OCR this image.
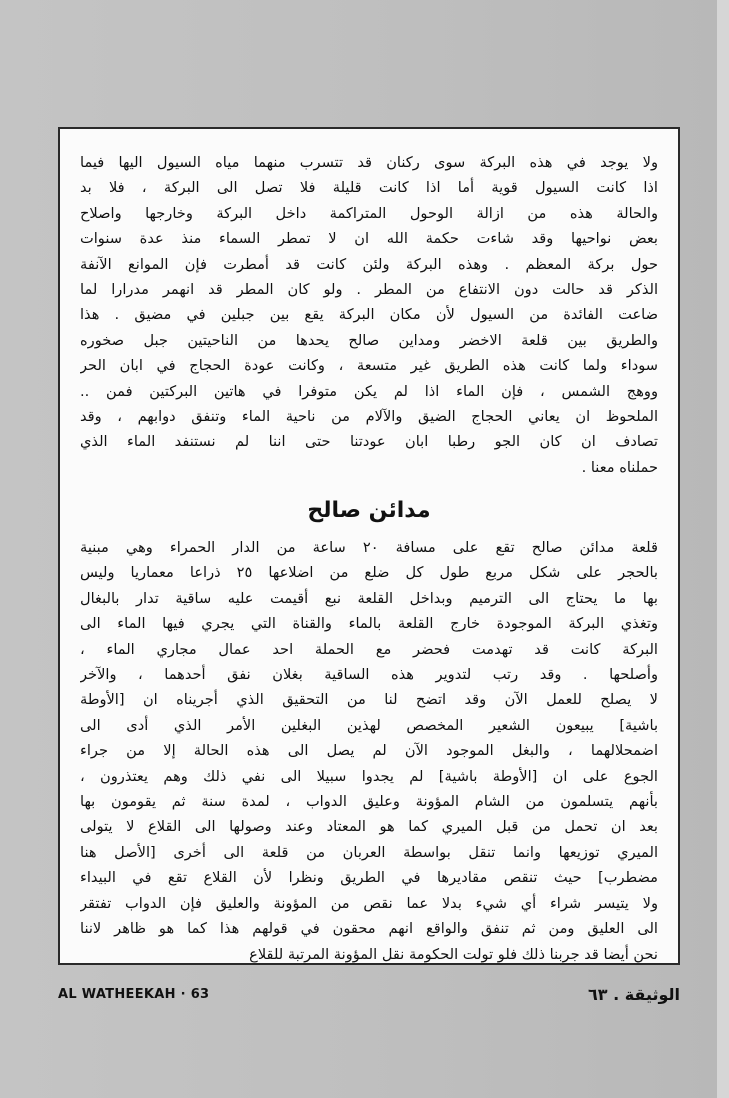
ولا يوجد في هذه البركة سوى ركنان قد تتسرب منهما مياه السيول اليها فيما
اذا كانت السيول قوية أما اذا كانت قليلة فلا تصل الى البركة ، فلا بد
والحالة هذه من ازالة الوحول المتراكمة داخل البركة وخارجها واصلاح
بعض نواحيها وقد شاءت حكمة الله ان لا تمطر السماء منذ عدة سنوات
حول بركة المعظم . وهذه البركة ولئن كانت قد أمطرت فإن الموانع الآنفة
الذكر قد حالت دون الانتفاع من المطر . ولو كان المطر قد انهمر مدرارا لما
ضاعت الفائدة من السيول لأن مكان البركة يقع بين جبلين في مضيق . هذا
والطريق بين قلعة الاخضر ومداين صالح يحدها من الناحيتين جبل صخوره
سوداء ولما كانت هذه الطريق غير متسعة ، وكانت عودة الحجاج في ابان الحر
ووهج الشمس ، فإن الماء اذا لم يكن متوفرا في هاتين البركتين فمن ..
الملحوظ ان يعاني الحجاج الضيق والآلام من ناحية الماء وتنفق دوابهم ، وقد
تصادف ان كان الجو رطبا ابان عودتنا حتى اننا لم نستنفد الماء الذي
حملناه معنا .
مدائن صالح
قلعة مدائن صالح تقع على مسافة ٢٠ ساعة من الدار الحمراء وهي مبنية
بالحجر على شكل مربع طول كل ضلع من اضلاعها ٢٥ ذراعا معماريا وليس
بها ما يحتاج الى الترميم وبداخل القلعة نبع أقيمت عليه ساقية تدار بالبغال
وتغذي البركة الموجودة خارج القلعة بالماء والقناة التي يجري فيها الماء الى
البركة كانت قد تهدمت فحضر مع الحملة احد عمال مجاري الماء ،
وأصلحها . وقد رتب لتدوير هذه الساقية بغلان نفق أحدهما ، والآخر
لا يصلح للعمل الآن وقد اتضح لنا من التحقيق الذي أجريناه ان [الأوطة
باشية] يبيعون الشعير المخصص لهذين البغلين الأمر الذي أدى الى
اضمحلالهما ، والبغل الموجود الآن لم يصل الى هذه الحالة إلا من جراء
الجوع على ان [الأوطة باشية] لم يجدوا سبيلا الى نفي ذلك وهم يعتذرون ،
بأنهم يتسلمون من الشام المؤونة وعليق الدواب ، لمدة سنة ثم يقومون بها
بعد ان تحمل من قبل الميري كما هو المعتاد وعند وصولها الى القلاع لا يتولى
الميري توزيعها وانما تنقل بواسطة العربان من قلعة الى أخرى [الأصل هنا
مضطرب] حيث تنقص مقاديرها في الطريق ونظرا لأن القلاع تقع في البيداء
ولا يتيسر شراء أي شيء بدلا عما نقص من المؤونة والعليق فإن الدواب تفتقر
الى العليق ومن ثم تنفق والواقع انهم محقون في قولهم هذا كما هو ظاهر لاننا
نحن أيضا قد جربنا ذلك فلو تولت الحكومة نقل المؤونة المرتبة للقلاع
AL WATHEEKAH · 63	الوثيقة . ٦٣
